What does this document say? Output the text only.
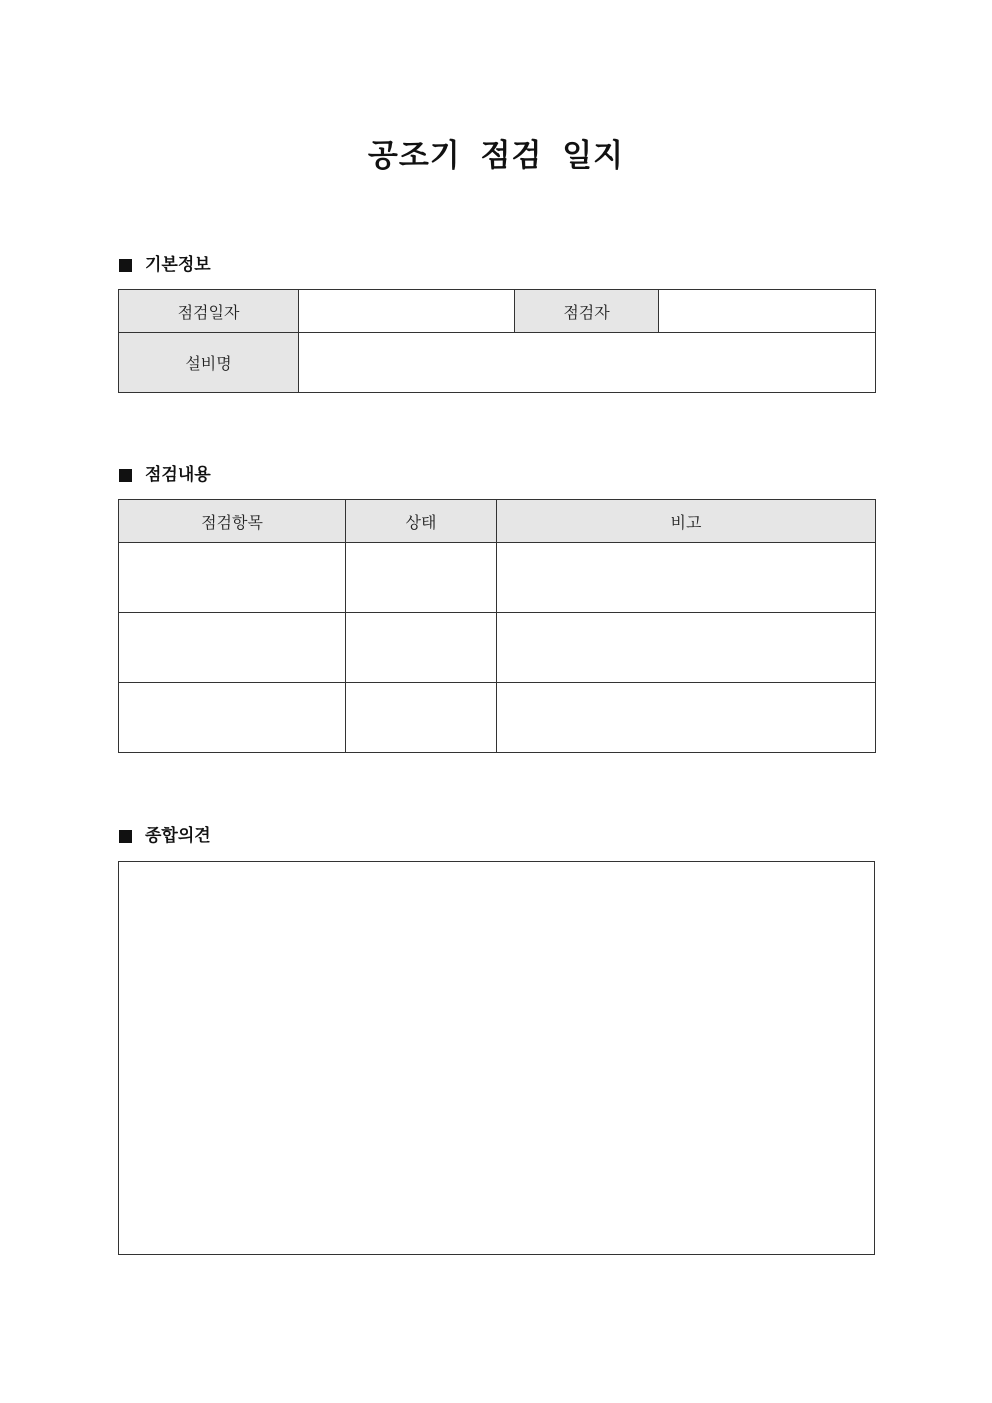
공조기 점검 일지
기본정보
점검일자		점검자	
설비명			
점검내용
점검항목	상태	비고

종합의견
